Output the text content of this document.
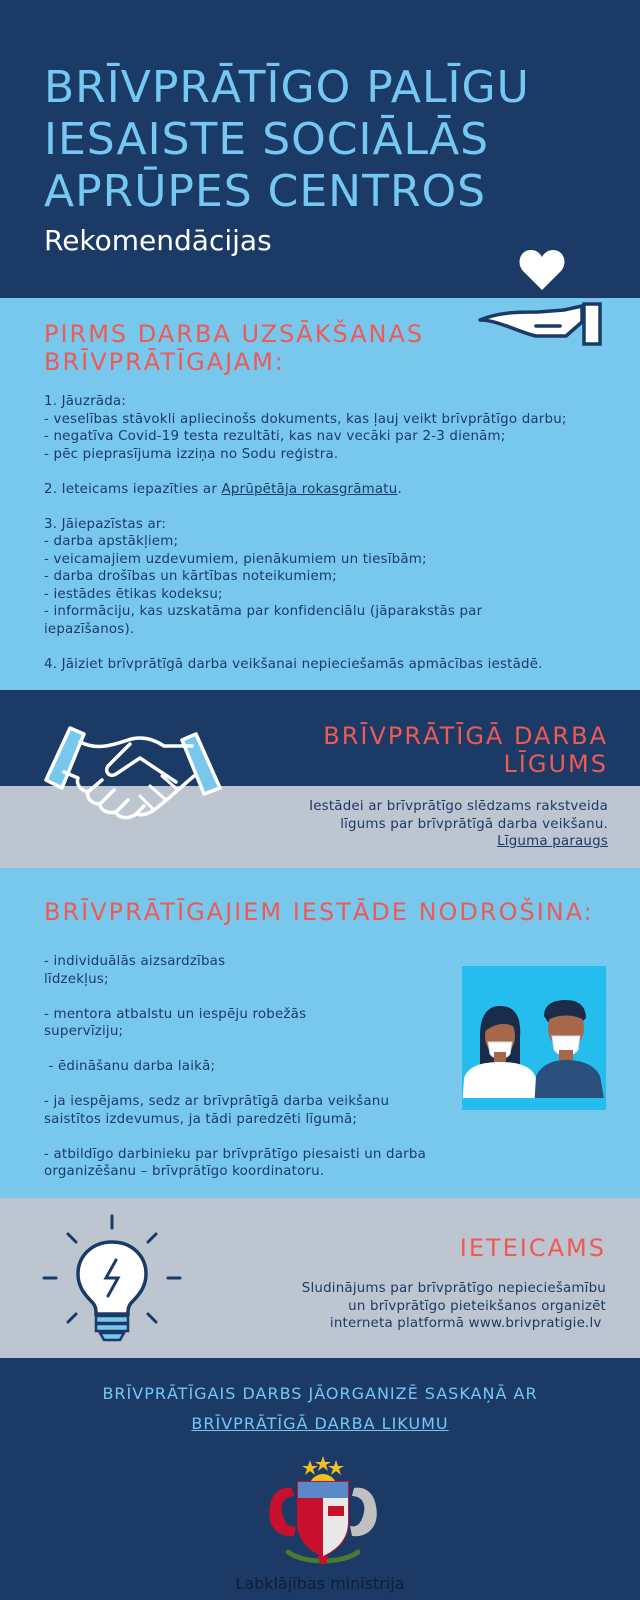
BRĪVPRĀTĪGO PALĪGU
IESAISTE SOCIĀLĀS
APRŪPES CENTROS
Rekomendācijas
PIRMS DARBA UZSĀKŠANAS
BRĪVPRĀTĪGAJAM:
1. Jāuzrāda:
- veselības stāvokli apliecinošs dokuments, kas ļauj veikt brīvprātīgo darbu;
- negatīva Covid-19 testa rezultāti, kas nav vecāki par 2-3 dienām;
- pēc pieprasījuma izziņa no Sodu reģistra.
2. Ieteicams iepazīties ar Aprūpētāja rokasgrāmatu.
3. Jāiepazīstas ar:
- darba apstākļiem;
- veicamajiem uzdevumiem, pienākumiem un tiesībām;
- darba drošības un kārtības noteikumiem;
- iestādes ētikas kodeksu;
- informāciju, kas uzskatāma par konfidenciālu (jāparakstās par
iepazīšanos).
4. Jāiziet brīvprātīgā darba veikšanai nepieciešamās apmācības iestādē.
BRĪVPRĀTĪGĀ DARBA
LĪGUMS
Iestādei ar brīvprātīgo slēdzams rakstveida
līgums par brīvprātīgā darba veikšanu.
Līguma paraugs
BRĪVPRĀTĪGAJIEM IESTĀDE NODROŠINA:
- individuālās aizsardzības
līdzekļus;
- mentora atbalstu un iespēju robežās
supervīziju;
- ēdināšanu darba laikā;
- ja iespējams, sedz ar brīvprātīgā darba veikšanu
saistītos izdevumus, ja tādi paredzēti līgumā;
- atbildīgo darbinieku par brīvprātīgo piesaisti un darba
organizēšanu – brīvprātīgo koordinatoru.
IETEICAMS
Sludinājums par brīvprātīgo nepieciešamību
un brīvprātīgo pieteikšanos organizēt
interneta platformā www.brivpratigie.lv
BRĪVPRĀTĪGAIS DARBS JĀORGANIZĒ SASKAŅĀ AR
BRĪVPRĀTĪGĀ DARBA LIKUMU
Labklājības ministrija
